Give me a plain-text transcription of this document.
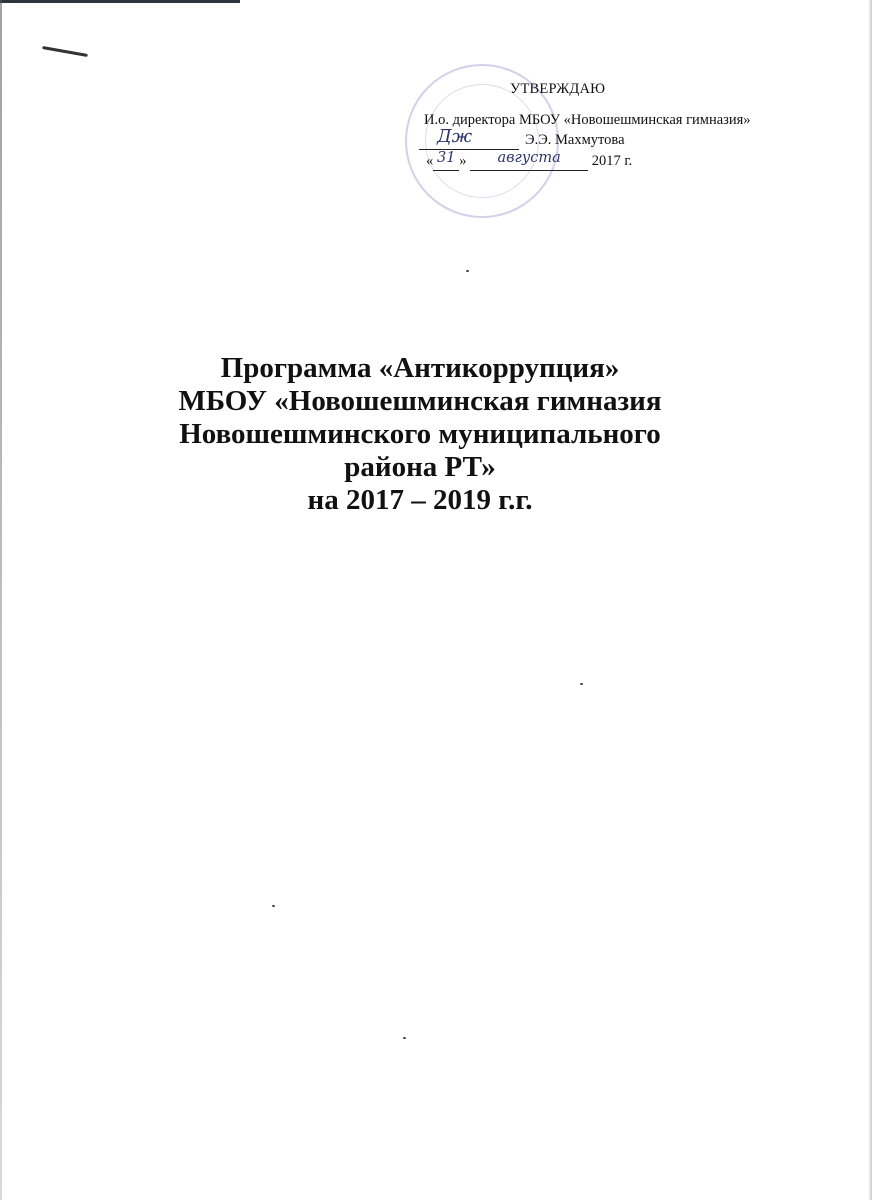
УТВЕРЖДАЮ
И.о. директора МБОУ «Новошешминская гимназия»
Дж	Э.Э. Махмутова
« 31 » августа 2017 г.
Программа «Антикоррупция»
МБОУ «Новошешминская гимназия
Новошешминского муниципального
района РТ»
на 2017 – 2019 г.г.
